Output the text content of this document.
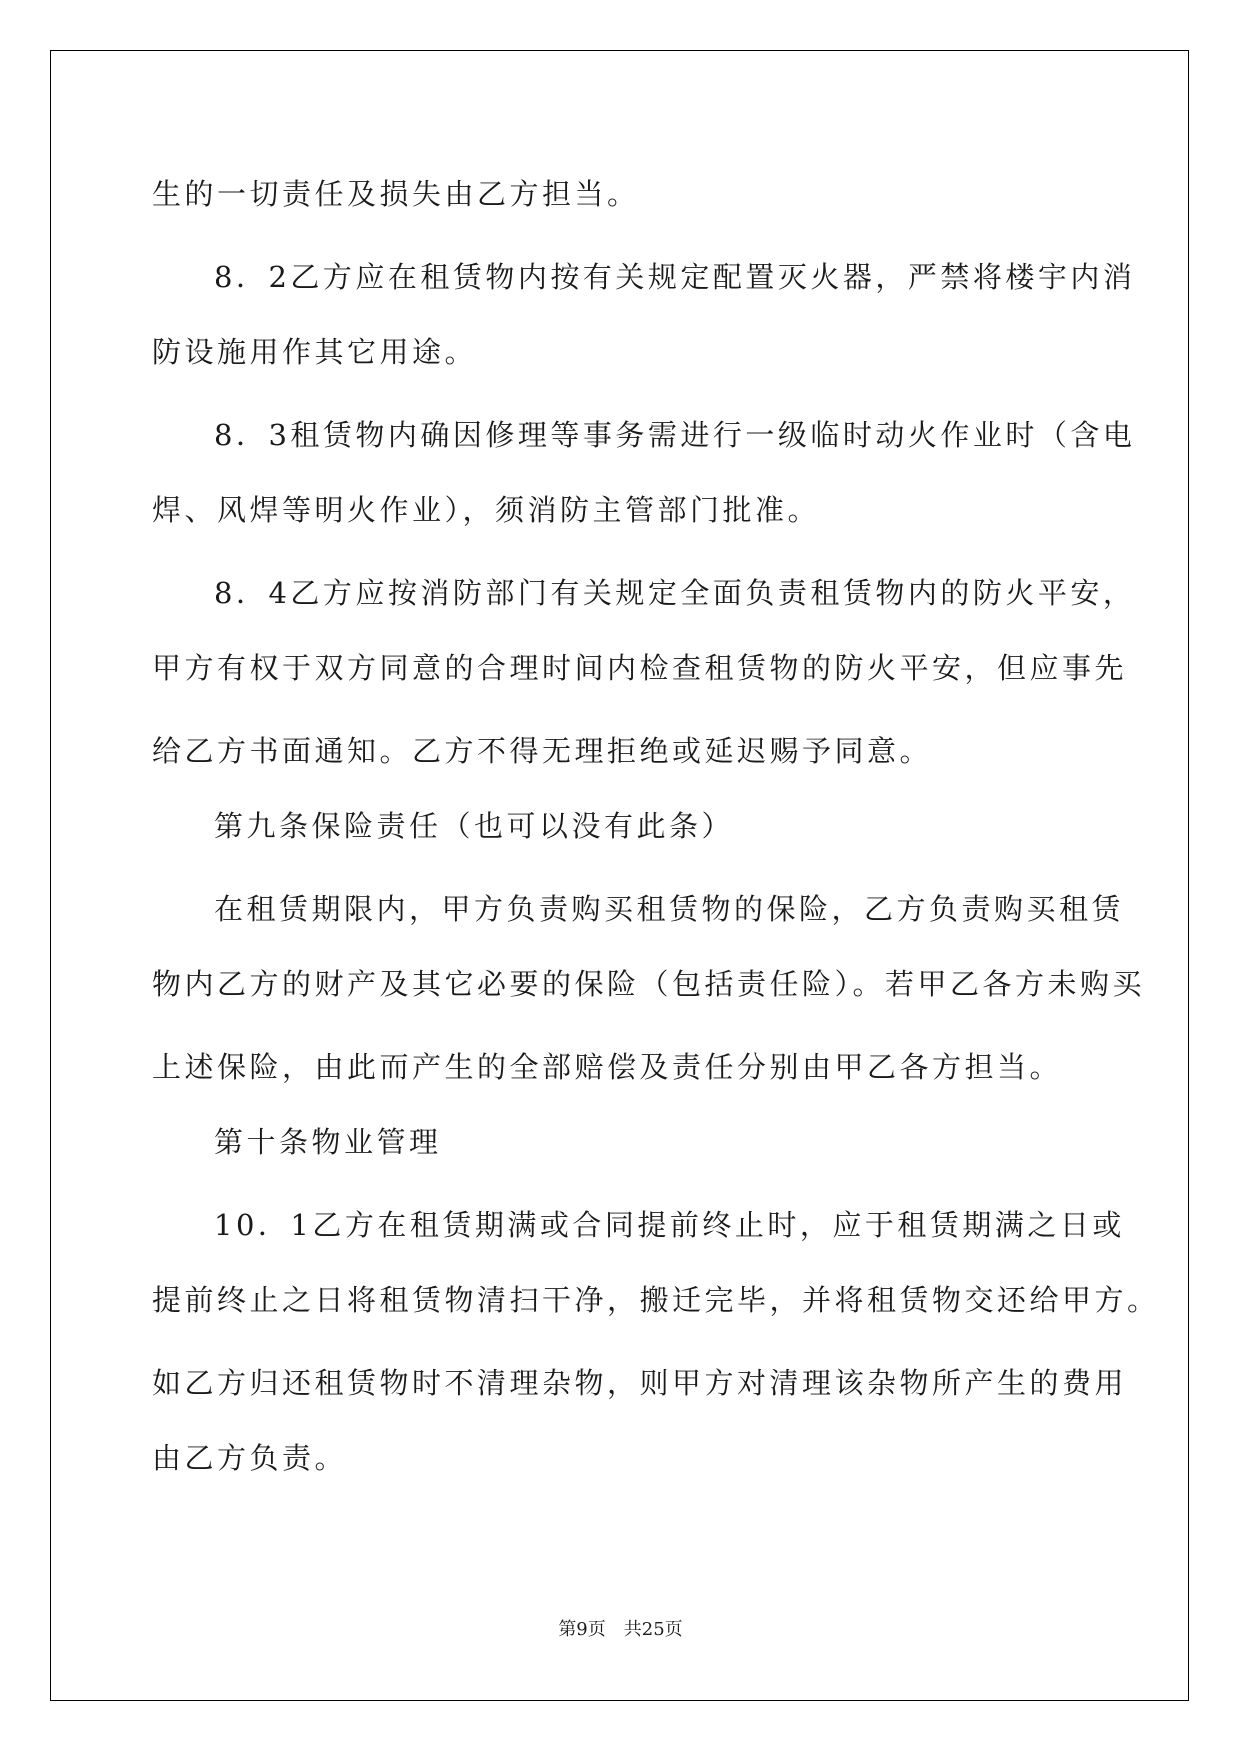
生的一切责任及损失由乙方担当。
8．2乙方应在租赁物内按有关规定配置灭火器，严禁将楼宇内消
防设施用作其它用途。
8．3租赁物内确因修理等事务需进行一级临时动火作业时（含电
焊、风焊等明火作业），须消防主管部门批准。
8．4乙方应按消防部门有关规定全面负责租赁物内的防火平安，
甲方有权于双方同意的合理时间内检查租赁物的防火平安，但应事先
给乙方书面通知。乙方不得无理拒绝或延迟赐予同意。
第九条保险责任（也可以没有此条）
在租赁期限内，甲方负责购买租赁物的保险，乙方负责购买租赁
物内乙方的财产及其它必要的保险（包括责任险）。若甲乙各方未购买
上述保险，由此而产生的全部赔偿及责任分别由甲乙各方担当。
第十条物业管理
10．1乙方在租赁期满或合同提前终止时，应于租赁期满之日或
提前终止之日将租赁物清扫干净，搬迁完毕，并将租赁物交还给甲方。
如乙方归还租赁物时不清理杂物，则甲方对清理该杂物所产生的费用
由乙方负责。
第9页　共25页
